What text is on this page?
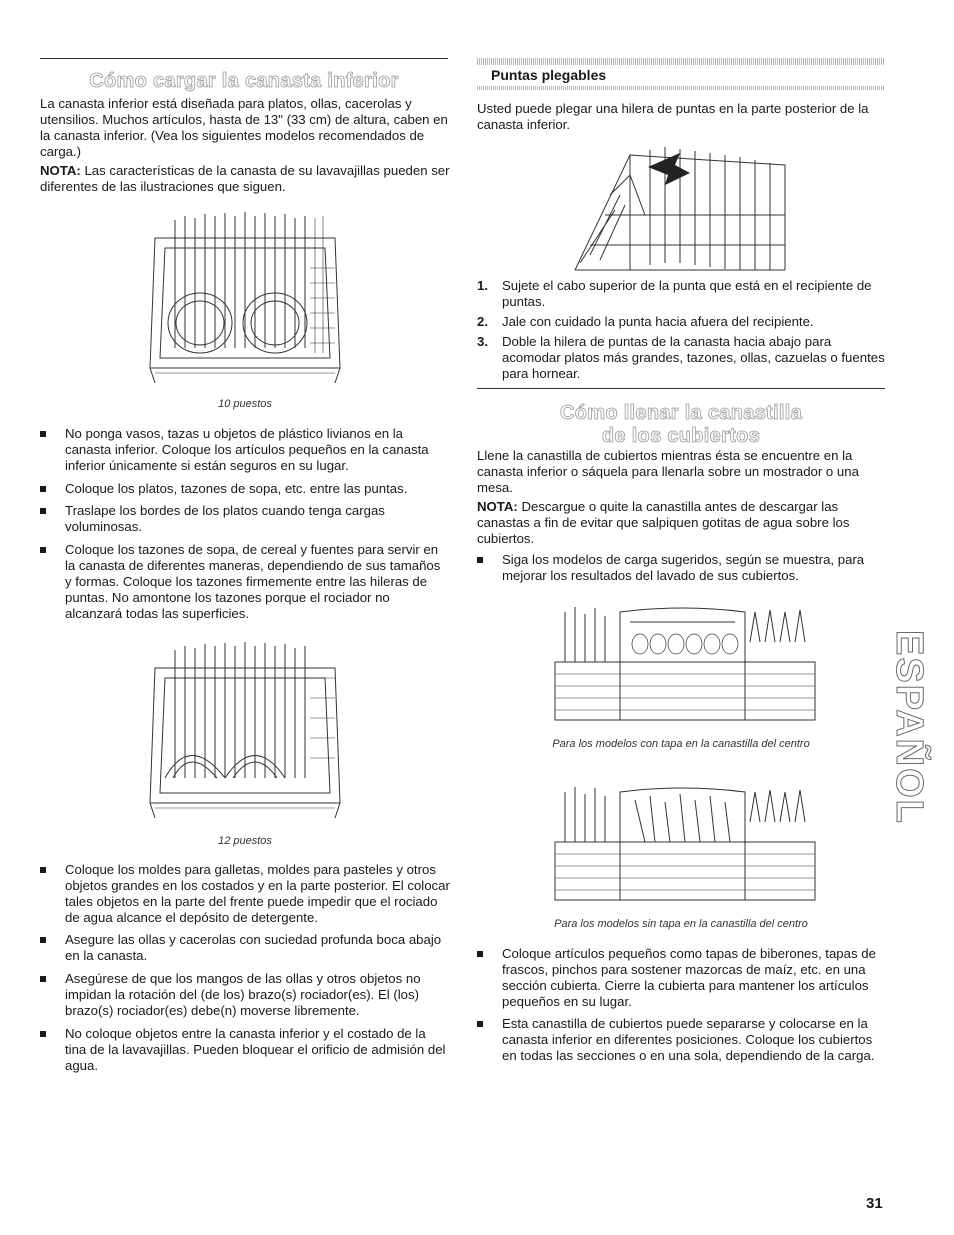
Cómo cargar la canasta inferior

La canasta inferior está diseñada para platos, ollas, cacerolas y utensilios. Muchos artículos, hasta de 13" (33 cm) de altura, caben en la canasta inferior. (Vea los siguientes modelos recomendados de carga.)

NOTA: Las características de la canasta de su lavavajillas pueden ser diferentes de las ilustraciones que siguen.

10 puestos
No ponga vasos, tazas u objetos de plástico livianos en la canasta inferior. Coloque los artículos pequeños en la canasta inferior únicamente si están seguros en su lugar.
Coloque los platos, tazones de sopa, etc. entre las puntas.
Traslape los bordes de los platos cuando tenga cargas voluminosas.
Coloque los tazones de sopa, de cereal y fuentes para servir en la canasta de diferentes maneras, dependiendo de sus tamaños y formas. Coloque los tazones firmemente entre las hileras de puntas. No amontone los tazones porque el rociador no alcanzará todas las superficies.
12 puestos
Coloque los moldes para galletas, moldes para pasteles y otros objetos grandes en los costados y en la parte posterior. El colocar tales objetos en la parte del frente puede impedir que el rociado de agua alcance el depósito de detergente.
Asegure las ollas y cacerolas con suciedad profunda boca abajo en la canasta.
Asegúrese de que los mangos de las ollas y otros objetos no impidan la rotación del (de los) brazo(s) rociador(es). El (los) brazo(s) rociador(es) debe(n) moverse libremente.
No coloque objetos entre la canasta inferior y el costado de la tina de la lavavajillas. Pueden bloquear el orificio de admisión del agua.
Puntas plegables

Usted puede plegar una hilera de puntas en la parte posterior de la canasta inferior.

1. Sujete el cabo superior de la punta que está en el recipiente de puntas.
2. Jale con cuidado la punta hacia afuera del recipiente.
3. Doble la hilera de puntas de la canasta hacia abajo para acomodar platos más grandes, tazones, ollas, cazuelas o fuentes para hornear.
Cómo llenar la canastilla
de los cubiertos

Llene la canastilla de cubiertos mientras ésta se encuentre en la canasta inferior o sáquela para llenarla sobre un mostrador o una mesa.

NOTA: Descargue o quite la canastilla antes de descargar las canastas a fin de evitar que salpiquen gotitas de agua sobre los cubiertos.

Siga los modelos de carga sugeridos, según se muestra, para mejorar los resultados del lavado de sus cubiertos.
Para los modelos con tapa en la canastilla del centro
Para los modelos sin tapa en la canastilla del centro
Coloque artículos pequeños como tapas de biberones, tapas de frascos, pinchos para sostener mazorcas de maíz, etc. en una sección cubierta. Cierre la cubierta para mantener los artículos pequeños en su lugar.
Esta canastilla de cubiertos puede separarse y colocarse en la canasta inferior en diferentes posiciones. Coloque los cubiertos en todas las secciones o en una sola, dependiendo de la carga.
ESPAÑOL
31
